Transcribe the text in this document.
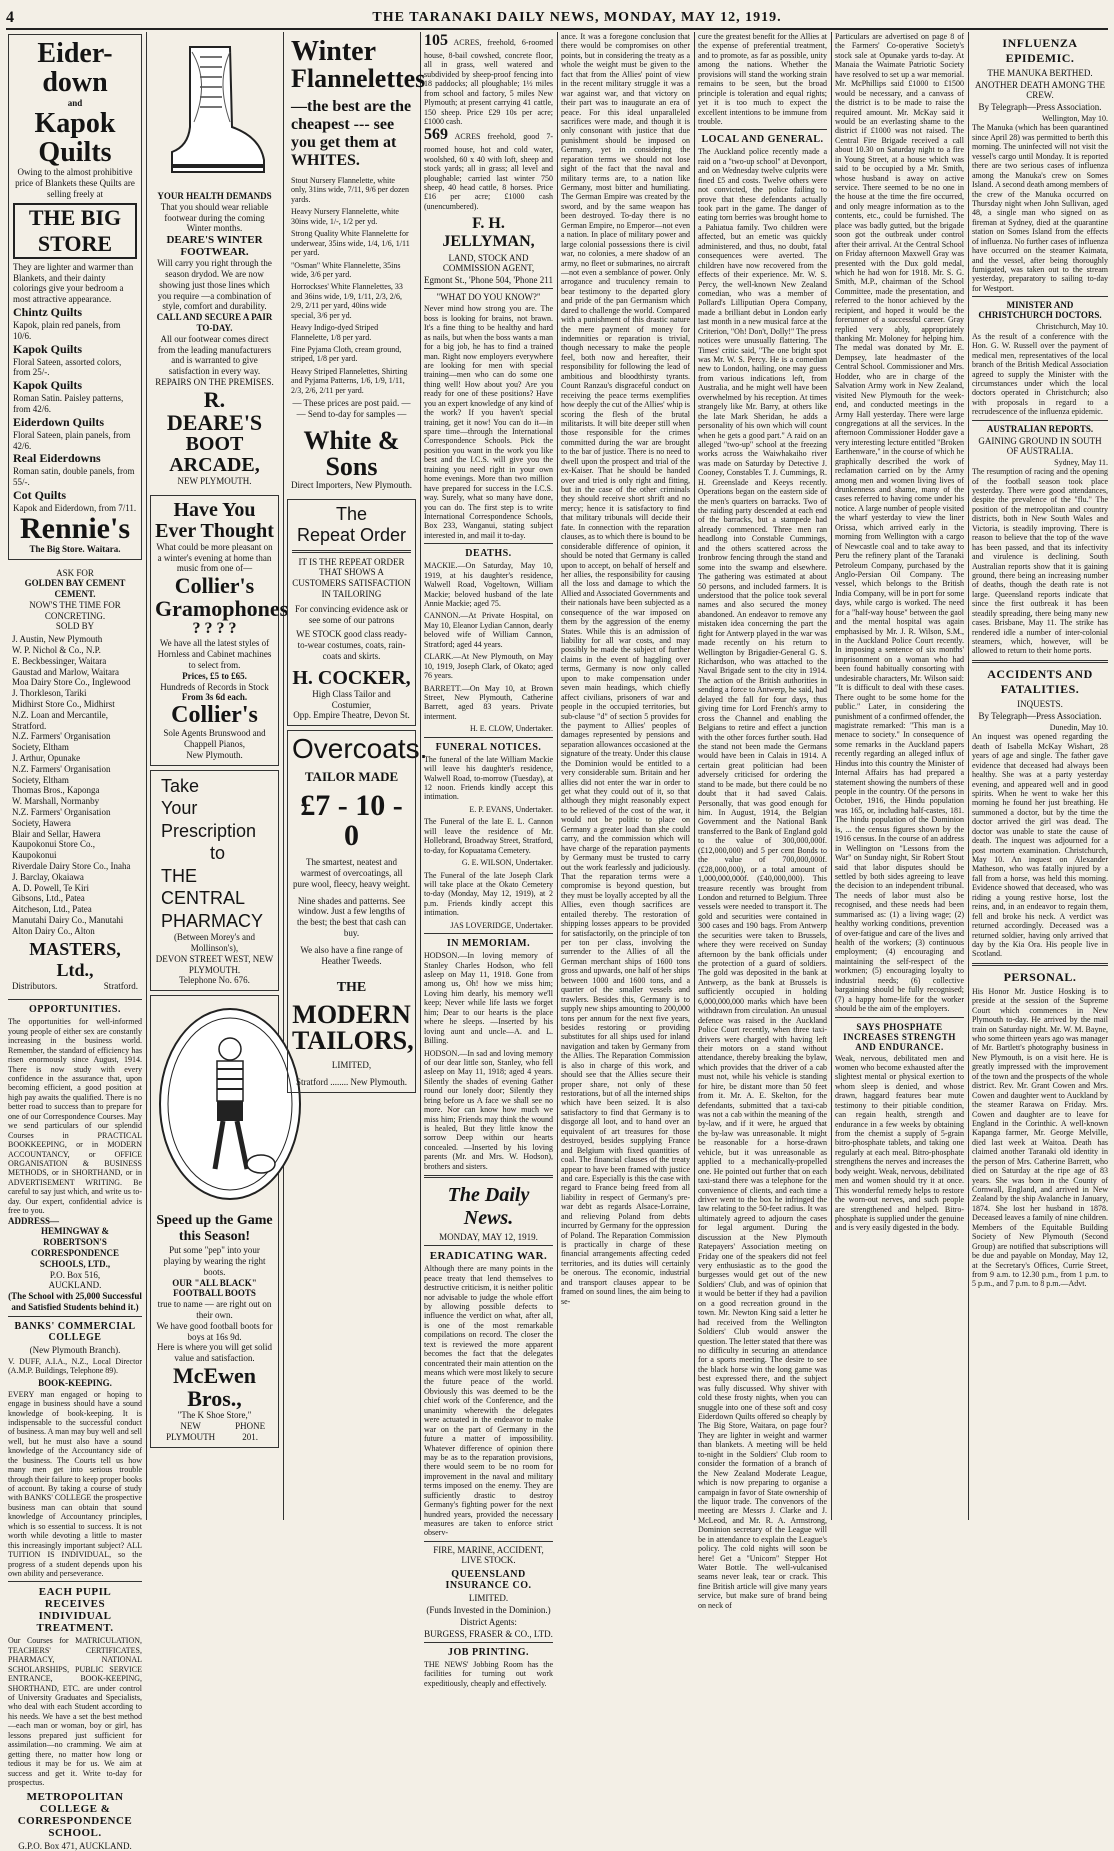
4	THE TARANAKI DAILY NEWS, MONDAY, MAY 12, 1919.
Eider-down
and
Kapok Quilts
Owing to the almost prohibitive price of Blankets these Quilts are selling freely at
THE BIG STORE
They are lighter and warmer than Blankets, and their dainty colorings give your bedroom a most attractive appearance.
Chintz Quilts
Kapok, plain red panels, from 10/6.
Kapok Quilts
Floral Sateen, assorted colors, from 25/-.
Kapok Quilts
Roman Satin. Paisley patterns, from 42/6.
Eiderdown Quilts
Floral Sateen, plain panels, from 42/6.
Real Eiderdowns
Roman satin, double panels, from 55/-.
Cot Quilts
Kapok and Eiderdown, from 7/11.
Rennie's
The Big Store. Waitara.
ASK FOR
GOLDEN BAY CEMENT
CEMENT.
NOW'S THE TIME FOR CONCRETING.
SOLD BY
J. Austin, New Plymouth
W. P. Nichol & Co., N.P.
E. Beckbessinger, Waitara
Gaustad and Marlow, Waitara
Moa Dairy Store Co., Inglewood
J. Thorkleson, Tariki
Midhirst Store Co., Midhirst
N.Z. Loan and Mercantile, Stratford.
N.Z. Farmers' Organisation Society, Eltham
J. Arthur, Opunake
N.Z. Farmers' Organisation Society, Eltham
Thomas Bros., Kaponga
W. Marshall, Normanby
N.Z. Farmers' Organisation Society, Hawera
Blair and Sellar, Hawera
Kaupokonui Store Co., Kaupokonui
Riverdale Dairy Store Co., Inaha
J. Barclay, Okaiawa
A. D. Powell, Te Kiri
Gibsons, Ltd., Patea
Aitcheson, Ltd., Patea
Manutahi Dairy Co., Manutahi
Alton Dairy Co., Alton
MASTERS, Ltd.,
Distributors.	Stratford.
OPPORTUNITIES.
The opportunities for well-informed young people of either sex are constantly increasing in the business world. Remember, the standard of efficiency has risen enormously since August, 1914. There is now study with every confidence in the assurance that, upon becoming efficient, a good position at high pay awaits the qualified. There is no better road to success than to prepare for one of our Correspondence Courses. May we send particulars of our splendid Courses in PRACTICAL BOOKKEEPING, or in MODERN ACCOUNTANCY, or OFFICE ORGANISATION & BUSINESS METHODS, or in SHORTHAND, or in ADVERTISEMENT WRITING. Be careful to say just which, and write us to-day. Our expert, confidential advice is free to you.
ADDRESS—
HEMINGWAY & ROBERTSON'S CORRESPONDENCE SCHOOLS, LTD.,
P.O. Box 516,
AUCKLAND.
(The School with 25,000 Successful and Satisfied Students behind it.)
BANKS' COMMERCIAL COLLEGE
(New Plymouth Branch).
V. DUFF, A.I.A., N.Z., Local Director (A.M.P. Buildings, Telephone 89).
BOOK-KEEPING.
EVERY man engaged or hoping to engage in business should have a sound knowledge of book-keeping. It is indispensable to the successful conduct of business. A man may buy well and sell well, but he must also have a sound knowledge of the Accountancy side of the business. The Courts tell us how many men get into serious trouble through their failure to keep proper books of account. By taking a course of study with BANKS' COLLEGE the prospective business man can obtain that sound knowledge of Accountancy principles, which is so essential to success. It is not worth while devoting a little to master this increasingly important subject? ALL TUITION IS INDIVIDUAL, so the progress of a student depends upon his own ability and perseverance.
EACH PUPIL RECEIVES INDIVIDUAL TREATMENT.
Our Courses for MATRICULATION, TEACHERS' CERTIFICATES, PHARMACY, NATIONAL SCHOLARSHIPS, PUBLIC SERVICE ENTRANCE, BOOK-KEEPING, SHORTHAND, ETC. are under control of University Graduates and Specialists, who deal with each Student according to his needs. We have a set the best method—each man or woman, boy or girl, has lessons prepared just sufficient for assimilation—no cramming. We aim at getting there, no matter how long or tedious it may be for us. We aim at success and get it. Write to-day for prospectus.
METROPOLITAN COLLEGE & CORRESPONDENCE SCHOOL.
G.P.O. Box 471, AUCKLAND.
YOUR HEALTH DEMANDS
That you should wear reliable footwear during the coming Winter months.
DEARE'S WINTER FOOTWEAR.
Will carry you right through the season drydod. We are now showing just those lines which you require —a combination of style, comfort and durability.
CALL AND SECURE A PAIR TO-DAY.
All our footwear comes direct from the leading manufacturers and is warranted to give satisfaction in every way.
REPAIRS ON THE PREMISES.
R. DEARE'S
BOOT ARCADE,
NEW PLYMOUTH.
Have You Ever Thought
What could be more pleasant on a winter's evening at home than music from one of—
Collier's Gramophones
? ? ? ?
We have all the latest styles of Hornless and Cabinet machines to select from.
Prices, £5 to £65.
Hundreds of Records in Stock
From 3s 6d each.
Collier's
Sole Agents Brunswood and Chappell Pianos,
New Plymouth.
Take
Your
Prescription
to
THE
CENTRAL
PHARMACY
(Between Morey's and Mollinson's),
DEVON STREET WEST, NEW PLYMOUTH.
Telephone No. 676.
Speed up the Game this Season!
Put some "pep" into your playing by wearing the right boots.
OUR "ALL BLACK" FOOTBALL BOOTS
true to name — are right out on their own.
We have good football boots for boys at 16s 9d.
Here is where you will get solid value and satisfaction.
McEwen Bros.,
"The K Shoe Store,"
NEW PLYMOUTH
PHONE 201.
Winter
Flannelettes
—the best are the cheapest --- see you get them at WHITES.

Stout Nursery Flannelette, white only, 31ins wide, 7/11, 9/6 per dozen yards.

Heavy Nursery Flannelette, white 30ins wide, 1/-, 1/2 per yd.

Strong Quality White Flannelette for underwear, 35ins wide, 1/4, 1/6, 1/11 per yard.

"Osman" White Flannelette, 35ins wide, 3/6 per yard.

Horrockses' White Flannelettes, 33 and 36ins wide, 1/9, 1/11, 2/3, 2/6, 2/9, 2/11 per yard, 40ins wide special, 3/6 per yd.

Heavy Indigo-dyed Striped Flannelette, 1/8 per yard.

Fine Pyjama Cloth, cream ground, striped, 1/8 per yard.

Heavy Striped Flannelettes, Shirting and Pyjama Patterns, 1/6, 1/9, 1/11, 2/3, 2/6, 2/11 per yard.

— These prices are post paid. —
— Send to-day for samples —
White & Sons
Direct Importers, New Plymouth.
The
Repeat Order
IT IS THE REPEAT ORDER THAT SHOWS A CUSTOMERS SATISFACTION IN TAILORING
For convincing evidence ask or see some of our patrons
WE STOCK good class ready-to-wear costumes, coats, rain-coats and skirts.
H. COCKER,
High Class Tailor and Costumier,
Opp. Empire Theatre, Devon St.
Overcoats.
TAILOR MADE
£7 - 10 - 0
The smartest, neatest and warmest of overcoatings, all pure wool, fleecy, heavy weight.
Nine shades and patterns. See window. Just a few lengths of the best; the best that cash can buy.
We also have a fine range of Heather Tweeds.
THE
MODERN TAILORS,
LIMITED,
Stratford ........ New Plymouth.
105 ACRES, freehold, 6-roomed house, 8-bail cowshed, concrete floor, all in grass, well watered and subdivided by sheep-proof fencing into 18 paddocks; all ploughable; 1½ miles from school and factory, 5 miles New Plymouth; at present carrying 41 cattle, 150 sheep. Price £29 10s per acre; £1000 cash.
569 ACRES freehold, good 7-roomed house, hot and cold water, woolshed, 60 x 40 with loft, sheep and stock yards; all in grass; all level and ploughable; carried last winter 750 sheep, 40 head cattle, 8 horses. Price £16 per acre; £1000 cash (unencumbered).
F. H. JELLYMAN,
LAND, STOCK AND COMMISSION AGENT,
Egmont St., 'Phone 504, 'Phone 211
"WHAT DO YOU KNOW?"
Never mind how strong you are. The boss is looking for brains, not brawn. It's a fine thing to be healthy and hard as nails, but when the boss wants a man for a big job, he has to find a trained man. Right now employers everywhere are looking for men with special training—men who can do some one thing well! How about you? Are you ready for one of these positions? Have you an expert knowledge of any kind of the work? If you haven't special training, get it now! You can do it—in spare time—through the International Correspondence Schools. Pick the position you want in the work you like best and the I.C.S. will give you the training you need right in your own home evenings. More than two million have prepared for success in the I.C.S. way. Surely, what so many have done, you can do. The first step is to write International Correspondence Schools, Box 233, Wanganui, stating subject interested in, and mail it to-day.
DEATHS.

MACKIE.—On Saturday, May 10, 1919, at his daughter's residence, Walwell Road, Vogeltown, William Mackie; beloved husband of the late Annie Mackie; aged 75.

CANNON.—At Private Hospital, on May 10, Eleanor Lydian Cannon, dearly beloved wife of William Cannon, Stratford; aged 44 years.

CLARK.—At New Plymouth, on May 10, 1919, Joseph Clark, of Okato; aged 76 years.

BARRETT.—On May 10, at Brown Street, New Plymouth, Catherine Barrett, aged 83 years. Private interment.

H. E. CLOW, Undertaker.
FUNERAL NOTICES.

The funeral of the late William Mackie will leave his daughter's residence, Walwell Road, to-morrow (Tuesday), at 12 noon. Friends kindly accept this intimation.

E. P. EVANS, Undertaker.

The Funeral of the late E. L. Cannon will leave the residence of Mr. Hollebrand, Broadway Street, Stratford, to-day, for Kopuatama Cemetery.

G. E. WILSON, Undertaker.

The Funeral of the late Joseph Clark will take place at the Okato Cemetery to-day (Monday, May 12, 1919), at 2 p.m. Friends kindly accept this intimation.

JAS LOVERIDGE, Undertaker.

IN MEMORIAM.

HODSON.—In loving memory of Stanley Charles Hodson, who fell asleep on May 11, 1918. Gone from among us, Oh! how we miss him; Loving him dearly, his memory we'll keep; Never while life lasts we forget him; Dear to our hearts is the place where he sleeps. —Inserted by his loving aunt and uncle—A. and L. Billing.

HODSON.—In sad and loving memory of our dear little son, Stanley, who fell asleep on May 11, 1918; aged 4 years. Silently the shades of evening Gather round our lonely door; Silently they bring before us A face we shall see no more. Nor can know how much we miss him; Friends may think the wound is healed, But they little know the sorrow Deep within our hearts concealed. —Inserted by his loving parents (Mr. and Mrs. W. Hodson), brothers and sisters.

The Daily News.
MONDAY, MAY 12, 1919.
ERADICATING WAR.
Although there are many points in the peace treaty that lend themselves to destructive criticism, it is neither politic nor advisable to judge the whole effort by allowing possible defects to influence the verdict on what, after all, is one of the most remarkable compilations on record. The closer the text is reviewed the more apparent becomes the fact that the delegates concentrated their main attention on the means which were most likely to secure the future peace of the world. Obviously this was deemed to be the chief work of the Conference, and the unanimity wherewith the delegates were actuated in the endeavor to make war on the part of Germany in the future a matter of impossibility. Whatever difference of opinion there may be as to the reparation provisions, there would seem to be no room for improvement in the naval and military terms imposed on the enemy. They are sufficiently drastic to destroy Germany's fighting power for the next hundred years, provided the necessary measures are taken to enforce strict observ-
FIRE, MARINE, ACCIDENT, LIVE STOCK.
QUEENSLAND INSURANCE CO.
LIMITED.
(Funds Invested in the Dominion.)
District Agents:
BURGESS, FRASER & CO., LTD.
JOB PRINTING.
THE NEWS' Jobbing Room has the facilities for turning out work expeditiously, cheaply and effectively.
ance. It was a foregone conclusion that there would be compromises on other points, but in considering the treaty as a whole the weight must be given to the fact that from the Allies' point of view in the recent military struggle it was a war against war, and that victory on their part was to inaugurate an era of peace. For this ideal unparalleled sacrifices were made, and though it is only consonant with justice that due punishment should be imposed on Germany, yet in considering the reparation terms we should not lose sight of the fact that the naval and military terms are, to a nation like Germany, most bitter and humiliating. The German Empire was created by the sword, and by the same weapon has been destroyed. To-day there is no German Empire, no Emperor—not even a nation. In place of military power and large colonial possessions there is civil war, no colonies, a mere shadow of an army, no fleet or submarines, no aircraft—not even a semblance of power. Only arrogance and truculency remain to bear testimony to the departed glory and pride of the pan Germanism which dared to challenge the world. Compared with a punishment of this drastic nature the mere payment of money for indemnities or reparation is trivial, though necessary to make the people feel, both now and hereafter, their responsibility for following the lead of ambitious and bloodthirsty tyrants. Count Ranzau's disgraceful conduct on receiving the peace terms exemplifies how deeply the cut of the Allies' whip is scoring the flesh of the brutal militarists. It will bite deeper still when those responsible for the crimes committed during the war are brought to the bar of justice. There is no need to dwell upon the prospect and trial of the ex-Kaiser. That he should be handed over and tried is only right and fitting, but in the case of the other criminals they should receive short shrift and no mercy; hence it is satisfactory to find that military tribunals will decide their fate. In connection with the reparation clauses, as to which there is bound to be considerable difference of opinion, it should be noted that Germany is called upon to accept, on behalf of herself and her allies, the responsibility for causing all the loss and damage to which the Allied and Associated Governments and their nationals have been subjected as a consequence of the war imposed on them by the aggression of the enemy States. While this is an admission of liability for all war costs, and may possibly be made the subject of further claims in the event of haggling over terms, Germany is now only called upon to make compensation under seven main headings, which chiefly affect civilians, prisoners of war and people in the occupied territories, but sub-clause "d" of section 5 provides for the payment to Allies' peoples of damages represented by pensions and separation allowances occasioned at the signature of the treaty. Under this clause the Dominion would be entitled to a very considerable sum. Britain and her allies did not enter the war in order to get what they could out of it, so that although they might reasonably expect to be relieved of the cost of the war, it would not be politic to place on Germany a greater load than she could carry, and the commission which will have charge of the reparation payments by Germany must be trusted to carry out the work fearlessly and judiciously. That the reparation terms were a compromise is beyond question, but they must be loyally accepted by all the Allies, even though sacrifices are entailed thereby. The restoration of shipping losses appears to be provided for satisfactorily, on the principle of ton per ton per class, involving the surrender to the Allies of all the German merchant ships of 1600 tons gross and upwards, one half of her ships between 1000 and 1600 tons, and a quarter of the smaller vessels and trawlers. Besides this, Germany is to supply new ships amounting to 200,000 tons per annum for the next five years, besides restoring or providing substitutes for all ships used for inland navigation and taken by Germany from the Allies. The Reparation Commission is also in charge of this work, and should see that the Allies secure their proper share, not only of these restorations, but of all the interned ships which have been seized. It is also satisfactory to find that Germany is to disgorge all loot, and to hand over an equivalent of art treasures for those destroyed, besides supplying France and Belgium with fixed quantities of coal. The financial clauses of the treaty appear to have been framed with justice and care. Especially is this the case with regard to France being freed from all liability in respect of Germany's pre-war debt as regards Alsace-Lorraine, and relieving Poland from debts incurred by Germany for the oppression of Poland. The Reparation Commission is practically in charge of these financial arrangements affecting ceded territories, and its duties will certainly be onerous. The economic, industrial and transport clauses appear to be framed on sound lines, the aim being to se-
cure the greatest benefit for the Allies at the expense of preferential treatment, and to promote, as far as possible, unity among the nations. Whether the provisions will stand the working strain remains to be seen, but the broad principle is toleration and equal rights; yet it is too much to expect the excellent intentions to be immune from trouble.
LOCAL AND GENERAL.
The Auckland police recently made a raid on a "two-up school" at Devonport, and on Wednesday twelve culprits were fined £5 and costs. Twelve others were not convicted, the police failing to prove that these defendants actually took part in the game. The danger of eating torn berries was brought home to a Pahiatua family. Two children were affected, but an emetic was quickly administered, and thus, no doubt, fatal consequences were averted. The children have now recovered from the effects of their experience. Mr. W. S. Percy, the well-known New Zealand comedian, who was a member of Pollard's Lilliputian Opera Company, made a brilliant debut in London early last month in a new musical farce at the Criterion, "Oh! Don't, Dolly!" The press notices were unusually flattering. The Times' critic said, "The one bright spot was Mr. W. S. Percy. He is a comedian new to London, hailing, one may guess from various indications left, from Australia, and he might well have been overwhelmed by his reception. At times strangely like Mr. Barry, at others like the late Mark Sheridan, he adds a personality of his own which will count when he gets a good part." A raid on an alleged "two-up" school at the freezing works across the Waiwhakaiho river was made on Saturday by Detective J. Cooney, Constables T. J. Cummings, R. H. Greenslade and Keeys recently. Operations began on the eastern side of the men's quarters on barracks. Two of the raiding party descended at each end of the barracks, but a stampede had already commenced. Three men ran headlong into Constable Cummings, and the others scattered across the Ironbrow fencing through the stand and some into the swamp and elsewhere. The gathering was estimated at about 50 persons, and included farmers. It is understood that the police took several names and also secured the money abandoned. An endeavor to remove any mistaken idea concerning the part the fight for Antwerp played in the war was made recently on his return to Wellington by Brigadier-General G. S. Richardson, who was attached to the Naval Brigade sent to the city in 1914. The action of the British authorities in sending a force to Antwerp, he said, had delayed the fall for four days, thus giving time for Lord French's army to cross the Channel and enabling the Belgians to retire and effect a junction with the other forces further south. Had the stand not been made the Germans would have been in Calais in 1914. A certain great politician had been adversely criticised for ordering the stand to be made, but there could be no doubt that it had saved Calais. Personally, that was good enough for him. In August, 1914, the Belgian Government and the National Bank transferred to the Bank of England gold to the value of 300,000,000f. (£12,000,000) and 5 per cent Bonds to the value of 700,000,000f. (£28,000,000), or a total amount of 1,000,000,000f. (£40,000,000). This treasure recently was brought from London and returned to Belgium. Three vessels were needed to transport it. The gold and securities were contained in 300 cases and 190 bags. From Antwerp the securities were taken to Brussels, where they were received on Sunday afternoon by the bank officials under the protection of a guard of soldiers. The gold was deposited in the bank at Antwerp, as the bank at Brussels is sufficiently occupied in holding 6,000,000,000 marks which have been withdrawn from circulation. An unusual defence was raised in the Auckland Police Court recently, when three taxi-drivers were charged with having left their motors on a stand without attendance, thereby breaking the bylaw, which provides that the driver of a cab must not, while his vehicle is standing for hire, be distant more than 50 feet from it. Mr. A. E. Skelton, for the defendants, submitted that a taxi-cab was not a cab within the meaning of the by-law, and if it were, he argued that the by-law was unreasonable. It might be reasonable for a horse-drawn vehicle, but it was unreasonable as applied to a mechanically-propelled one. He pointed out further that on each taxi-stand there was a telephone for the convenience of clients, and each time a driver went to the box he infringed the law relating to the 50-feet radius. It was ultimately agreed to adjourn the cases for legal argument. During the discussion at the New Plymouth Ratepayers' Association meeting on Friday one of the speakers did not feel very enthusiastic as to the good the burgesses would get out of the new Soldiers' Club, and was of opinion that it would be better if they had a pavilion on a good recreation ground in the town. Mr. Newton King said a letter he had received from the Wellington Soldiers' Club would answer the question. The letter stated that there was no difficulty in securing an attendance for a sports meeting. The desire to see the black horse win the long game was best expressed there, and the subject was fully discussed. Why shiver with cold these frosty nights, when you can snuggle into one of these soft and cosy Eiderdown Quilts offered so cheaply by The Big Store, Waitara, on page four? They are lighter in weight and warmer than blankets. A meeting will be held to-night in the Soldiers' Club room to consider the formation of a branch of the New Zealand Moderate League, which is now preparing to organise a campaign in favor of State ownership of the liquor trade. The convenors of the meeting are Messrs J. Clarke and J. McLeod, and Mr. R. A. Armstrong, Dominion secretary of the League will be in attendance to explain the League's policy. The cold nights will soon be here! Get a "Unicorn" Stepper Hot Water Bottle. The well-vulcanised seams never leak, tear or crack. This fine British article will give many years service, but make sure of brand being on neck of
Particulars are advertised on page 8 of the Farmers' Co-operative Society's stock sale at Opunake yards to-day. At Manaia the Waimate Patriotic Society have resolved to set up a war memorial. Mr. McPhillips said £1000 to £1500 would be necessary, and a canvass of the district is to be made to raise the required amount. Mr. McKay said it would be an everlasting shame to the district if £1000 was not raised. The Central Fire Brigade received a call about 10.30 on Saturday night to a fire in Young Street, at a house which was said to be occupied by a Mr. Smith, whose husband is away on active service. There seemed to be no one in the house at the time the fire occurred, and only meagre information as to the contents, etc., could be furnished. The place was badly gutted, but the brigade soon got the outbreak under control after their arrival. At the Central School on Friday afternoon Maxwell Gray was presented with the Dux gold medal, which he had won for 1918. Mr. S. G. Smith, M.P., chairman of the School Committee, made the presentation, and referred to the honor achieved by the recipient, and hoped it would be the forerunner of a successful career. Gray replied very ably, appropriately thanking Mr. Moloney for helping him. The medal was donated by Mr. E. Dempsey, late headmaster of the Central School. Commissioner and Mrs. Hodder, who are in charge of the Salvation Army work in New Zealand, visited New Plymouth for the week-end, and conducted meetings in the Army Hall yesterday. There were large congregations at all the services. In the afternoon Commissioner Hodder gave a very interesting lecture entitled "Broken Earthenware," in the course of which he graphically described the work of reclamation carried on by the Army among men and women living lives of drunkenness and shame, many of the cases referred to having come under his notice. A large number of people visited the wharf yesterday to view the liner Orissa, which arrived early in the morning from Wellington with a cargo of Newcastle coal and to take away to Peru the refinery plant of the Taranaki Petroleum Company, purchased by the Anglo-Persian Oil Company. The vessel, which belongs to the British India Company, will be in port for some days, while cargo is worked. The need for a "half-way house" between the gaol and the mental hospital was again emphasised by Mr. J. R. Wilson, S.M., in the Auckland Police Court recently. In imposing a sentence of six months' imprisonment on a woman who had been found habitually consorting with undesirable characters, Mr. Wilson said: "It is difficult to deal with these cases. There ought to be some home for the public." Later, in considering the punishment of a confirmed offender, the magistrate remarked: "This man is a menace to society." In consequence of some remarks in the Auckland papers recently regarding an alleged influx of Hindus into this country the Minister of Internal Affairs has had prepared a statement showing the numbers of these people in the country. Of the persons in October, 1916, the Hindu population was 165, or, including half-castes, 181. The hindu population of the Dominion is, ... the census figures shown by the 1916 census. In the course of an address in Wellington on "Lessons from the War" on Sunday night, Sir Robert Stout said that labor disputes should be settled by both sides agreeing to leave the decision to an independent tribunal. The needs of labor must also be recognised, and these needs had been summarised as: (1) a living wage; (2) healthy working conditions, prevention of over-fatigue and care of the lives and health of the workers; (3) continuous employment; (4) encouraging and maintaining the self-respect of the workmen; (5) encouraging loyalty to industrial needs; (6) collective bargaining should be fully recognised; (7) a happy home-life for the worker should be the aim of the employers.
SAYS PHOSPHATE INCREASES STRENGTH AND ENDURANCE.
Weak, nervous, debilitated men and women who become exhausted after the slightest mental or physical exertion to whom sleep is denied, and whose drawn, haggard features bear mute testimony to their pitiable condition, can regain health, strength and endurance in a few weeks by obtaining from the chemist a supply of 5-grain bitro-phosphate tablets, and taking one regularly at each meal. Bitro-phosphate strengthens the nerves and increases the body weight. Weak, nervous, debilitated men and women should try it at once. This wonderful remedy helps to restore the worn-out nerves, and such people are strengthened and helped. Bitro-phosphate is supplied under the genuine and is very easily digested in the body.
INFLUENZA EPIDEMIC.
THE MANUKA BERTHED.
ANOTHER DEATH AMONG THE CREW.
By Telegraph—Press Association.
Wellington, May 10.
The Manuka (which has been quarantined since April 28) was permitted to berth this morning. The uninfected will not visit the vessel's cargo until Monday. It is reported there are two serious cases of influenza among the Manuka's crew on Somes Island. A second death among members of the crew of the Manuka occurred on Thursday night when John Sullivan, aged 48, a single man who signed on as fireman at Sydney, died at the quarantine station on Somes Island from the effects of influenza. No further cases of influenza have occurred on the steamer Kaimata, and the vessel, after being thoroughly fumigated, was taken out to the stream yesterday, preparatory to sailing to-day for Westport.
MINISTER AND CHRISTCHURCH DOCTORS.
Christchurch, May 10.
As the result of a conference with the Hon. G. W. Russell over the payment of medical men, representatives of the local branch of the British Medical Association agreed to supply the Minister with the circumstances under which the local doctors operated in Christchurch; also with proposals in regard to a recrudescence of the influenza epidemic.
AUSTRALIAN REPORTS.
GAINING GROUND IN SOUTH OF AUSTRALIA.
Sydney, May 11.
The resumption of racing and the opening of the football season took place yesterday. There were good attendances, despite the prevalence of the "flu." The position of the metropolitan and country districts, both in New South Wales and Victoria, is steadily improving. There is reason to believe that the top of the wave has been passed, and that its infectivity and virulence is declining. South Australian reports show that it is gaining ground, there being an increasing number of deaths, though the death rate is not large. Queensland reports indicate that since the first outbreak it has been steadily spreading, there being many new cases. Brisbane, May 11. The strike has rendered idle a number of inter-colonial steamers, which, however, will be allowed to return to their home ports.
ACCIDENTS AND FATALITIES.
INQUESTS.
By Telegraph—Press Association.
Dunedin, May 10.
An inquest was opened regarding the death of Isabella McKay Wishart, 28 years of age and single. The father gave evidence that deceased had always been healthy. She was at a party yesterday evening, and appeared well and in good spirits. When he went to wake her this morning he found her just breathing. He summoned a doctor, but by the time the doctor arrived the girl was dead. The doctor was unable to state the cause of death. The inquest was adjourned for a post mortem examination. Christchurch, May 10. An inquest on Alexander Matheson, who was fatally injured by a fall from a horse, was held this morning. Evidence showed that deceased, who was riding a young restive horse, lost the reins, and, in an endeavor to regain them, fell and broke his neck. A verdict was returned accordingly. Deceased was a returned soldier, having only arrived that day by the Kia Ora. His people live in Scotland.
PERSONAL.
His Honor Mr. Justice Hosking is to preside at the session of the Supreme Court which commences in New Plymouth to-day. He arrived by the mail train on Saturday night. Mr. W. M. Bayne, who some thirteen years ago was manager of Mr. Bartlett's photography business in New Plymouth, is on a visit here. He is greatly impressed with the improvement of the town and the prospects of the whole district. Rev. Mr. Grant Cowen and Mrs. Cowen and daughter went to Auckland by the steamer Rarawa on Friday. Mrs. Cowen and daughter are to leave for England in the Corinthic. A well-known Kapanga farmer, Mr. George Melville, died last week at Waitoa. Death has claimed another Taranaki old identity in the person of Mrs. Catherine Barrett, who died on Saturday at the ripe age of 83 years. She was born in the County of Cornwall, England, and arrived in New Zealand by the ship Avalanche in January, 1874. She lost her husband in 1878. Deceased leaves a family of nine children. Members of the Equitable Building Society of New Plymouth (Second Group) are notified that subscriptions will be due and payable on Monday, May 12, at the Secretary's Offices, Currie Street, from 9 a.m. to 12.30 p.m., from 1 p.m. to 5 p.m., and 7 p.m. to 8 p.m.—Advt.
